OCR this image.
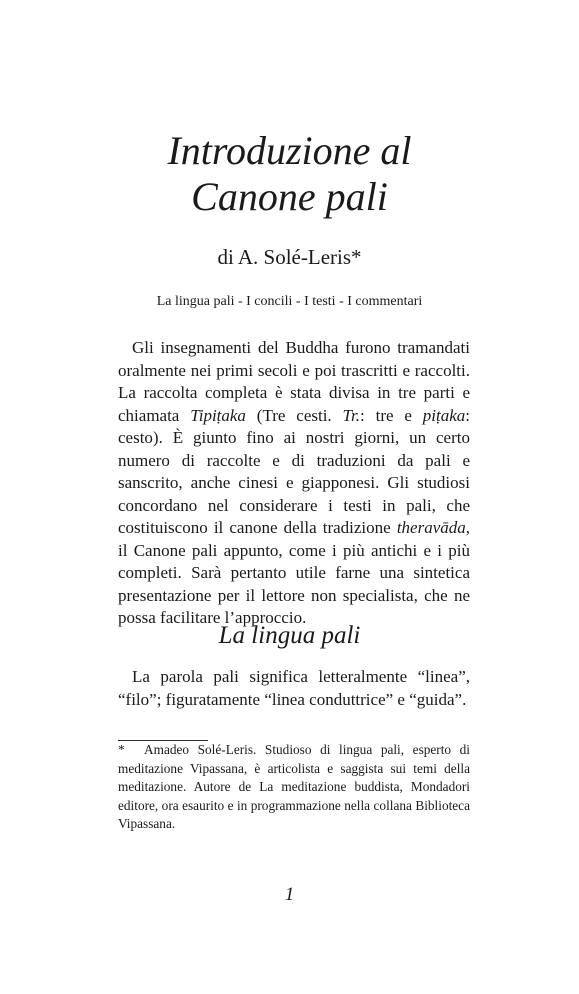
Introduzione al
Canone pali
di A. Solé-Leris*
La lingua pali - I concili - I testi - I commentari

Gli insegnamenti del Buddha furono tramandati oralmente nei primi secoli e poi trascritti e raccolti. La raccolta completa è stata divisa in tre parti e chiamata Tipiṭaka (Tre cesti. Tr.: tre e piṭaka: cesto). È giunto fino ai nostri giorni, un certo numero di raccolte e di traduzioni da pali e sanscrito, anche cinesi e giapponesi. Gli studiosi concordano nel considerare i testi in pali, che costituiscono il canone della tradizione theravāda, il Canone pali appunto, come i più antichi e i più completi. Sarà pertanto utile farne una sintetica presentazione per il lettore non specialista, che ne possa facilitare l’approccio.

La lingua pali

La parola pali significa letteralmente “linea”, “filo”; figuratamente “linea conduttrice” e “guida”.

* Amadeo Solé-Leris. Studioso di lingua pali, esperto di meditazione Vipassana, è articolista e saggista sui temi della meditazione. Autore de La meditazione buddista, Mondadori editore, ora esaurito e in programmazione nella collana Biblioteca Vipassana.

1
